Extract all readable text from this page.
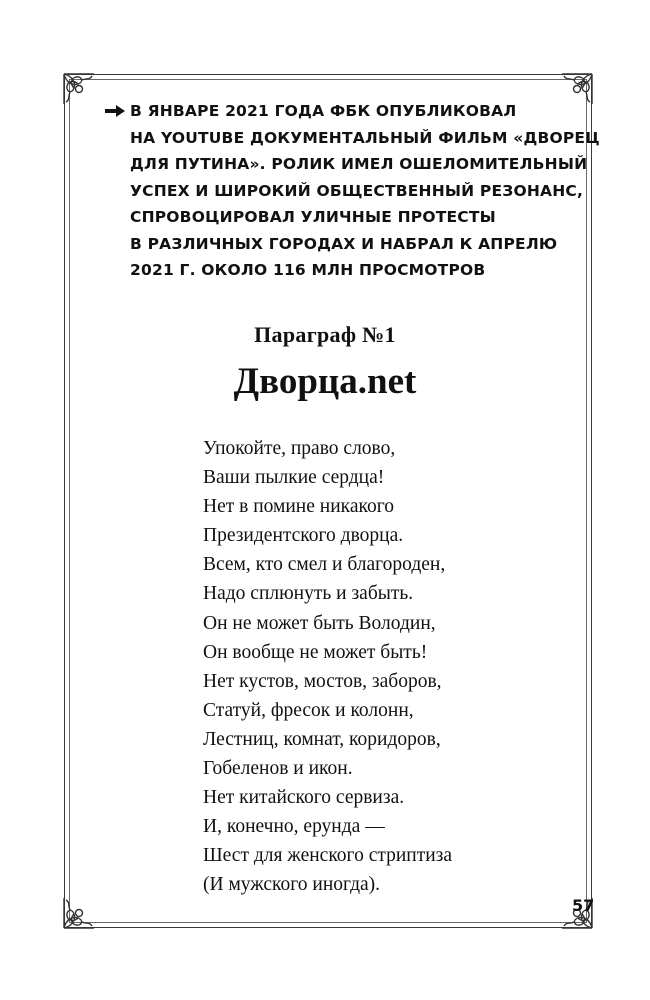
В ЯНВАРЕ 2021 ГОДА ФБК ОПУБЛИКОВАЛ
НА YOUTUBE ДОКУМЕНТАЛЬНЫЙ ФИЛЬМ «ДВОРЕЦ
ДЛЯ ПУТИНА». РОЛИК ИМЕЛ ОШЕЛОМИТЕЛЬНЫЙ
УСПЕХ И ШИРОКИЙ ОБЩЕСТВЕННЫЙ РЕЗОНАНС,
СПРОВОЦИРОВАЛ УЛИЧНЫЕ ПРОТЕСТЫ
В РАЗЛИЧНЫХ ГОРОДАХ И НАБРАЛ К АПРЕЛЮ
2021 Г. ОКОЛО 116 МЛН ПРОСМОТРОВ
Параграф №1
Дворца.net
Упокойте, право слово,
Ваши пылкие сердца!
Нет в помине никакого
Президентского дворца.
Всем, кто смел и благороден,
Надо сплюнуть и забыть.
Он не может быть Володин,
Он вообще не может быть!
Нет кустов, мостов, заборов,
Статуй, фресок и колонн,
Лестниц, комнат, коридоров,
Гобеленов и икон.
Нет китайского сервиза.
И, конечно, ерунда —
Шест для женского стриптиза
(И мужского иногда).
57
